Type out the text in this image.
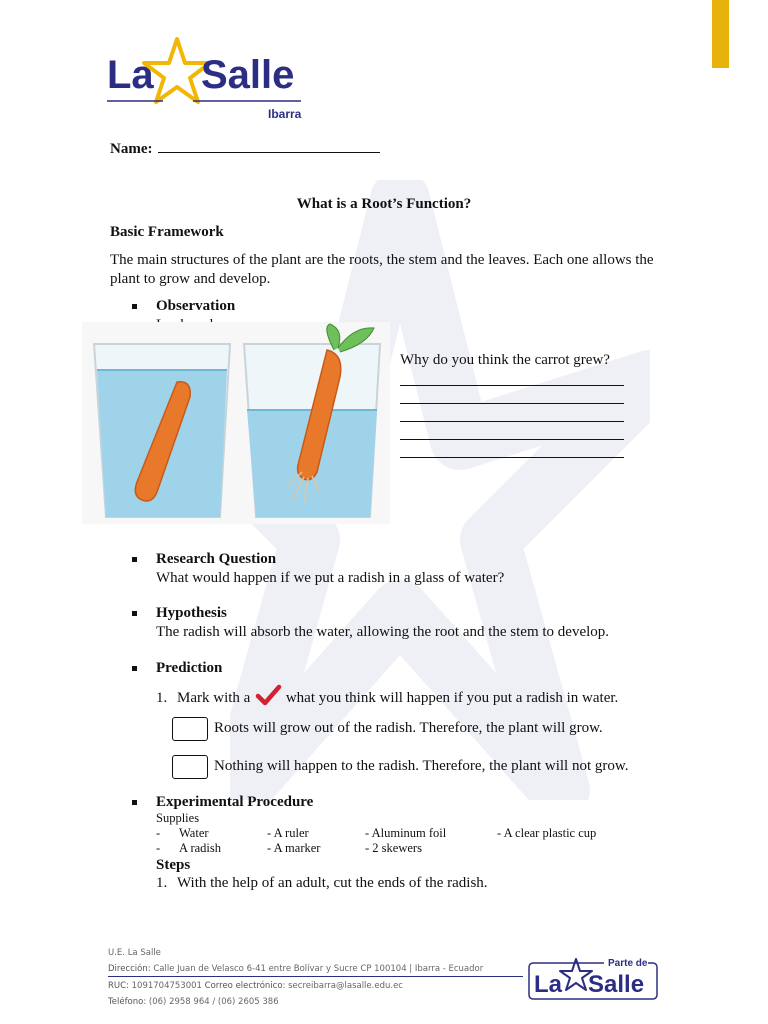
La Salle
Ibarra
Name:
What is a Root’s Function?
Basic Framework
The main structures of the plant are the roots, the stem and the leaves. Each one allows the plant to grow and develop.
Observation
Why do you think the carrot grew?
Research Question
What would happen if we put a radish in a glass of water?
Hypothesis
The radish will absorb the water, allowing the root and the stem to develop.
Prediction
1. Mark with a what you think will happen if you put a radish in water.
Roots will grow out of the radish. Therefore, the plant will grow.
Nothing will happen to the radish. Therefore, the plant will not grow.
Experimental Procedure
Supplies
- Water	- A ruler	- Aluminum foil	- A clear plastic cup
- A radish	- A marker	- 2 skewers
Steps
1. With the help of an adult, cut the ends of the radish.
U.E. La Salle
Dirección: Calle Juan de Velasco 6-41 entre Bolívar y Sucre CP 100104 | Ibarra - Ecuador
RUC: 1091704753001 Correo electrónico: secreibarra@lasalle.edu.ec
Teléfono: (06) 2958 964 / (06) 2605 386
Parte de
La Salle
